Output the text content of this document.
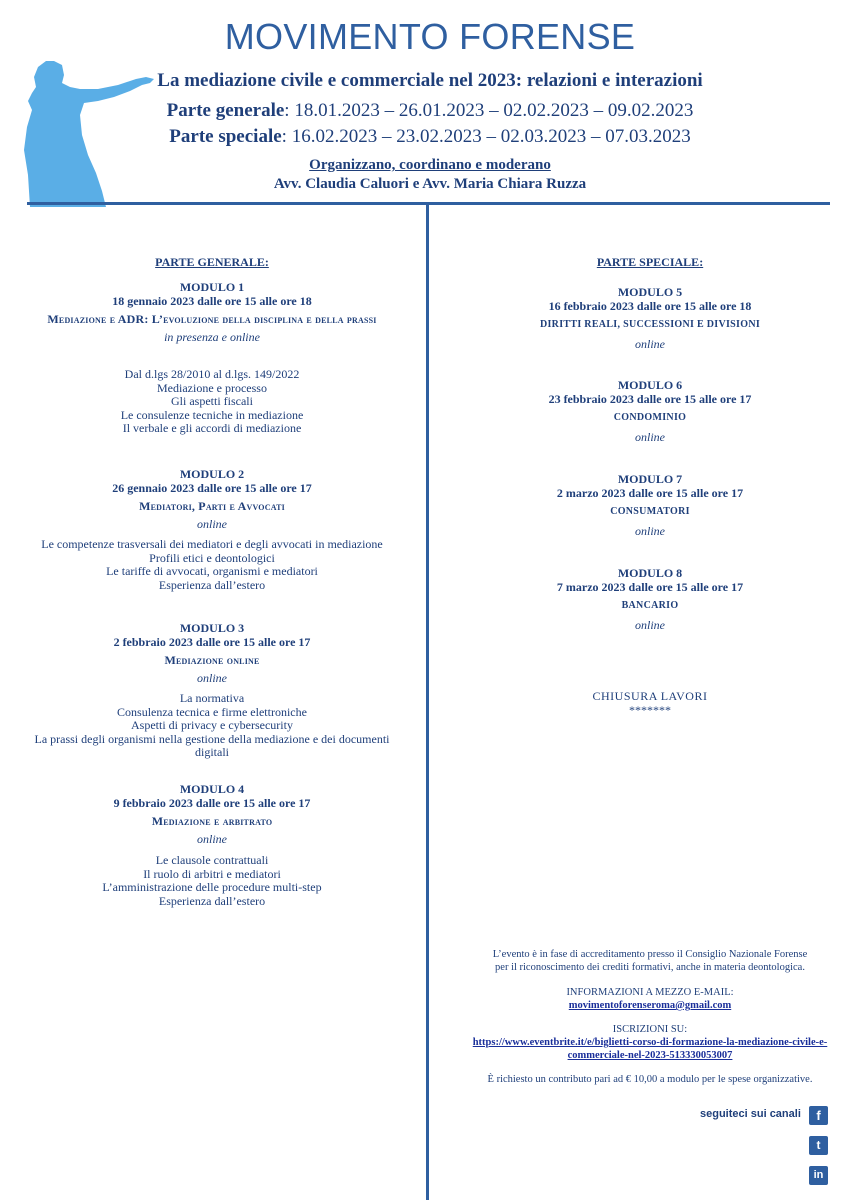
MOVIMENTO FORENSE
La mediazione civile e commerciale nel 2023: relazioni e interazioni
Parte generale: 18.01.2023 – 26.01.2023 – 02.02.2023 – 09.02.2023
Parte speciale: 16.02.2023 – 23.02.2023 – 02.03.2023 – 07.03.2023
Organizzano, coordinano e moderano
Avv. Claudia Caluori e Avv. Maria Chiara Ruzza
PARTE GENERALE:
MODULO 1
18 gennaio 2023 dalle ore 15 alle ore 18
Mediazione e ADR: L’evoluzione della disciplina e della prassi
in presenza e online
Dal d.lgs 28/2010 al d.lgs. 149/2022
Mediazione e processo
Gli aspetti fiscali
Le consulenze tecniche in mediazione
Il verbale e gli accordi di mediazione
MODULO 2
26 gennaio 2023 dalle ore 15 alle ore 17
Mediatori, Parti e Avvocati
online
Le competenze trasversali dei mediatori e degli avvocati in mediazione
Profili etici e deontologici
Le tariffe di avvocati, organismi e mediatori
Esperienza dall’estero
MODULO 3
2 febbraio 2023 dalle ore 15 alle ore 17
Mediazione online
online
La normativa
Consulenza tecnica e firme elettroniche
Aspetti di privacy e cybersecurity
La prassi degli organismi nella gestione della mediazione e dei documenti
digitali
MODULO 4
9 febbraio 2023 dalle ore 15 alle ore 17
Mediazione e arbitrato
online
Le clausole contrattuali
Il ruolo di arbitri e mediatori
L’amministrazione delle procedure multi-step
Esperienza dall’estero
PARTE SPECIALE:
MODULO 5
16 febbraio 2023 dalle ore 15 alle ore 18
DIRITTI REALI, SUCCESSIONI E DIVISIONI
online
MODULO 6
23 febbraio 2023 dalle ore 15 alle ore 17
CONDOMINIO
online
MODULO 7
2 marzo 2023 dalle ore 15 alle ore 17
CONSUMATORI
online
MODULO 8
7 marzo 2023 dalle ore 15 alle ore 17
BANCARIO
online
CHIUSURA LAVORI
*******
L’evento è in fase di accreditamento presso il Consiglio Nazionale Forense
per il riconoscimento dei crediti formativi, anche in materia deontologica.
INFORMAZIONI A MEZZO E-MAIL:
movimentoforenseroma@gmail.com
ISCRIZIONI SU:
https://www.eventbrite.it/e/biglietti-corso-di-formazione-la-mediazione-civile-e-
commerciale-nel-2023-513330053007
È richiesto un contributo pari ad € 10,00 a modulo per le spese organizzative.
seguiteci sui canali	f
t
in
